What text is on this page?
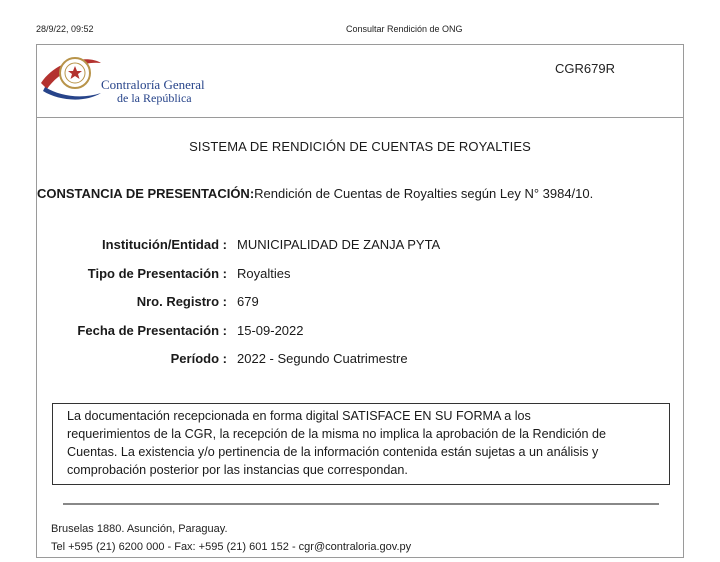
28/9/22, 09:52	Consultar Rendición de ONG
Contraloría General
de la República
CGR679R
SISTEMA DE RENDICIÓN DE CUENTAS DE ROYALTIES
CONSTANCIA DE PRESENTACIÓN:Rendición de Cuentas de Royalties según Ley N° 3984/10.
Institución/Entidad : MUNICIPALIDAD DE ZANJA PYTA
Tipo de Presentación : Royalties
Nro. Registro : 679
Fecha de Presentación : 15-09-2022
Período : 2022 - Segundo Cuatrimestre

La documentación recepcionada en forma digital SATISFACE EN SU FORMA a los

requerimientos de la CGR, la recepción de la misma no implica la aprobación de la Rendición de

Cuentas. La existencia y/o pertinencia de la información contenida están sujetas a un análisis y

comprobación posterior por las instancias que correspondan.

Bruselas 1880. Asunción, Paraguay.
Tel +595 (21) 6200 000 - Fax: +595 (21) 601 152 - cgr@contraloria.gov.py
